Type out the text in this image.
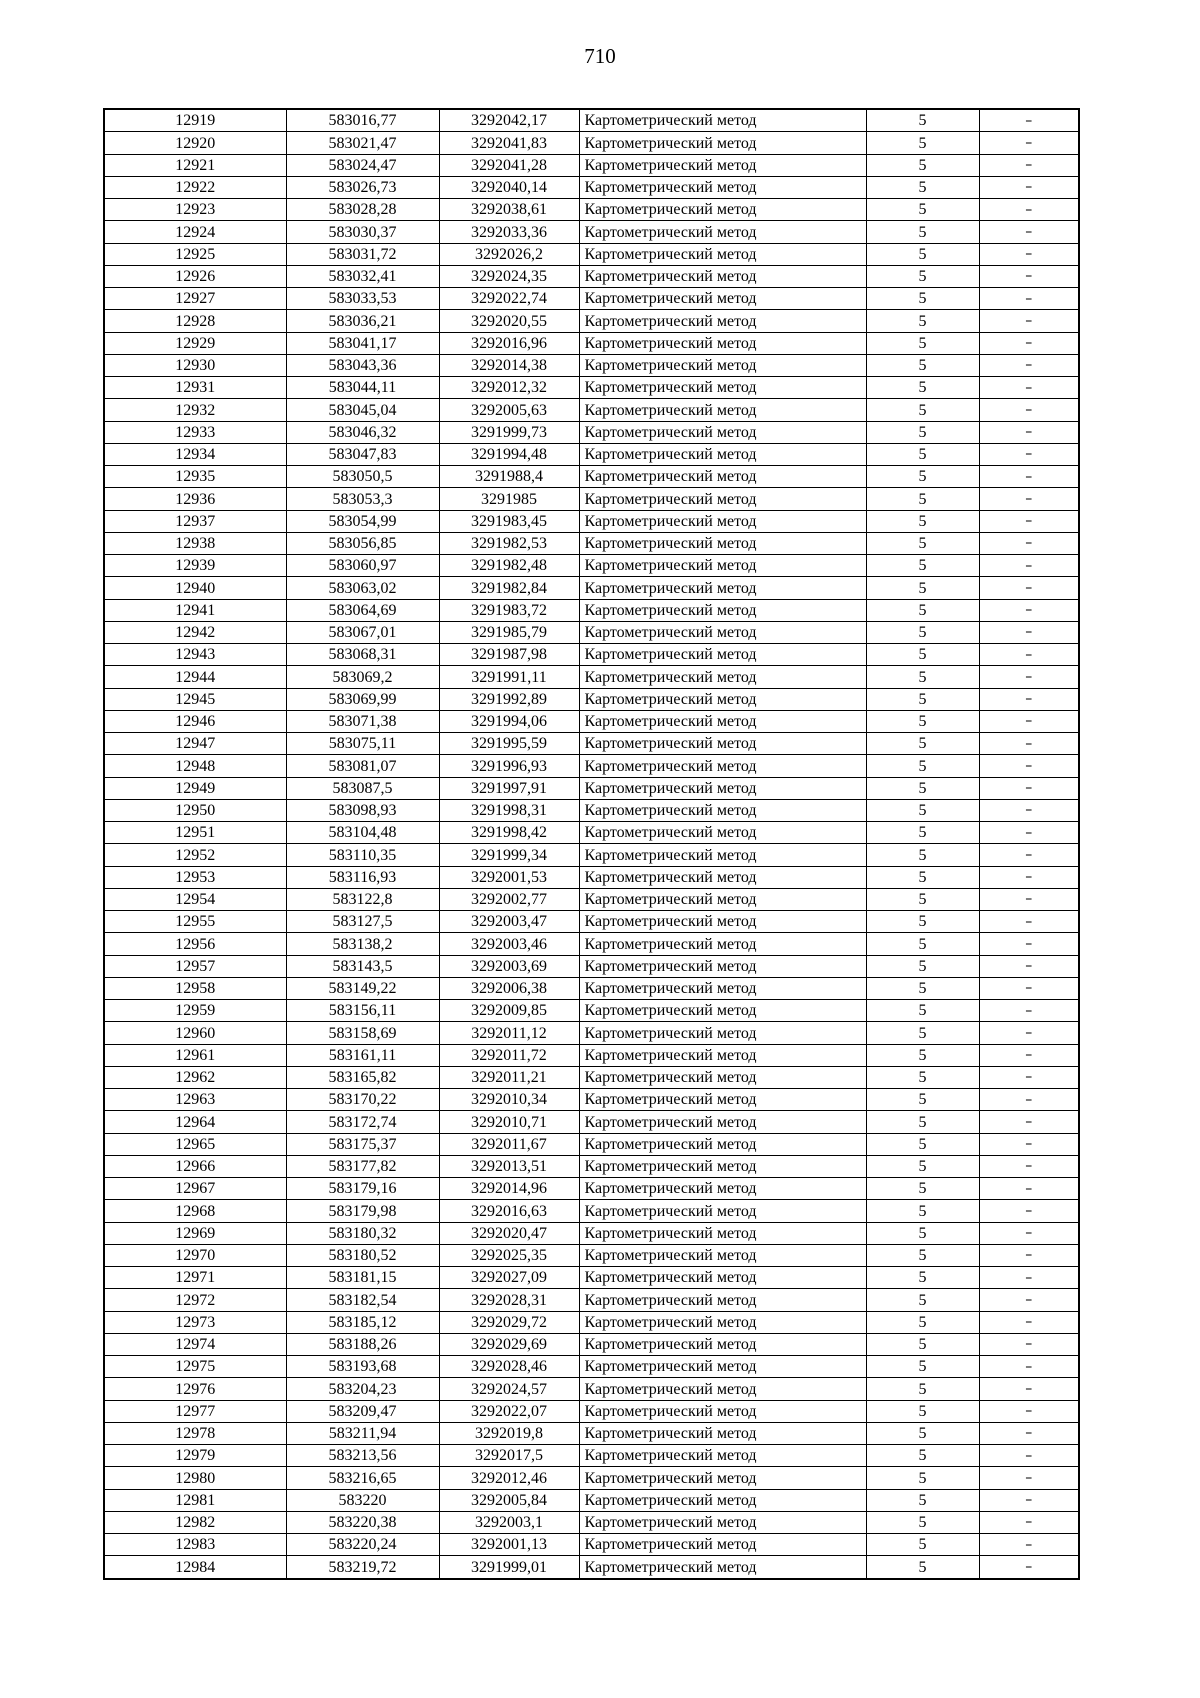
710
12919	583016,77	3292042,17	Картометрический метод	5	–
12920	583021,47	3292041,83	Картометрический метод	5	–
12921	583024,47	3292041,28	Картометрический метод	5	–
12922	583026,73	3292040,14	Картометрический метод	5	–
12923	583028,28	3292038,61	Картометрический метод	5	–
12924	583030,37	3292033,36	Картометрический метод	5	–
12925	583031,72	3292026,2	Картометрический метод	5	–
12926	583032,41	3292024,35	Картометрический метод	5	–
12927	583033,53	3292022,74	Картометрический метод	5	–
12928	583036,21	3292020,55	Картометрический метод	5	–
12929	583041,17	3292016,96	Картометрический метод	5	–
12930	583043,36	3292014,38	Картометрический метод	5	–
12931	583044,11	3292012,32	Картометрический метод	5	–
12932	583045,04	3292005,63	Картометрический метод	5	–
12933	583046,32	3291999,73	Картометрический метод	5	–
12934	583047,83	3291994,48	Картометрический метод	5	–
12935	583050,5	3291988,4	Картометрический метод	5	–
12936	583053,3	3291985	Картометрический метод	5	–
12937	583054,99	3291983,45	Картометрический метод	5	–
12938	583056,85	3291982,53	Картометрический метод	5	–
12939	583060,97	3291982,48	Картометрический метод	5	–
12940	583063,02	3291982,84	Картометрический метод	5	–
12941	583064,69	3291983,72	Картометрический метод	5	–
12942	583067,01	3291985,79	Картометрический метод	5	–
12943	583068,31	3291987,98	Картометрический метод	5	–
12944	583069,2	3291991,11	Картометрический метод	5	–
12945	583069,99	3291992,89	Картометрический метод	5	–
12946	583071,38	3291994,06	Картометрический метод	5	–
12947	583075,11	3291995,59	Картометрический метод	5	–
12948	583081,07	3291996,93	Картометрический метод	5	–
12949	583087,5	3291997,91	Картометрический метод	5	–
12950	583098,93	3291998,31	Картометрический метод	5	–
12951	583104,48	3291998,42	Картометрический метод	5	–
12952	583110,35	3291999,34	Картометрический метод	5	–
12953	583116,93	3292001,53	Картометрический метод	5	–
12954	583122,8	3292002,77	Картометрический метод	5	–
12955	583127,5	3292003,47	Картометрический метод	5	–
12956	583138,2	3292003,46	Картометрический метод	5	–
12957	583143,5	3292003,69	Картометрический метод	5	–
12958	583149,22	3292006,38	Картометрический метод	5	–
12959	583156,11	3292009,85	Картометрический метод	5	–
12960	583158,69	3292011,12	Картометрический метод	5	–
12961	583161,11	3292011,72	Картометрический метод	5	–
12962	583165,82	3292011,21	Картометрический метод	5	–
12963	583170,22	3292010,34	Картометрический метод	5	–
12964	583172,74	3292010,71	Картометрический метод	5	–
12965	583175,37	3292011,67	Картометрический метод	5	–
12966	583177,82	3292013,51	Картометрический метод	5	–
12967	583179,16	3292014,96	Картометрический метод	5	–
12968	583179,98	3292016,63	Картометрический метод	5	–
12969	583180,32	3292020,47	Картометрический метод	5	–
12970	583180,52	3292025,35	Картометрический метод	5	–
12971	583181,15	3292027,09	Картометрический метод	5	–
12972	583182,54	3292028,31	Картометрический метод	5	–
12973	583185,12	3292029,72	Картометрический метод	5	–
12974	583188,26	3292029,69	Картометрический метод	5	–
12975	583193,68	3292028,46	Картометрический метод	5	–
12976	583204,23	3292024,57	Картометрический метод	5	–
12977	583209,47	3292022,07	Картометрический метод	5	–
12978	583211,94	3292019,8	Картометрический метод	5	–
12979	583213,56	3292017,5	Картометрический метод	5	–
12980	583216,65	3292012,46	Картометрический метод	5	–
12981	583220	3292005,84	Картометрический метод	5	–
12982	583220,38	3292003,1	Картометрический метод	5	–
12983	583220,24	3292001,13	Картометрический метод	5	–
12984	583219,72	3291999,01	Картометрический метод	5	–
